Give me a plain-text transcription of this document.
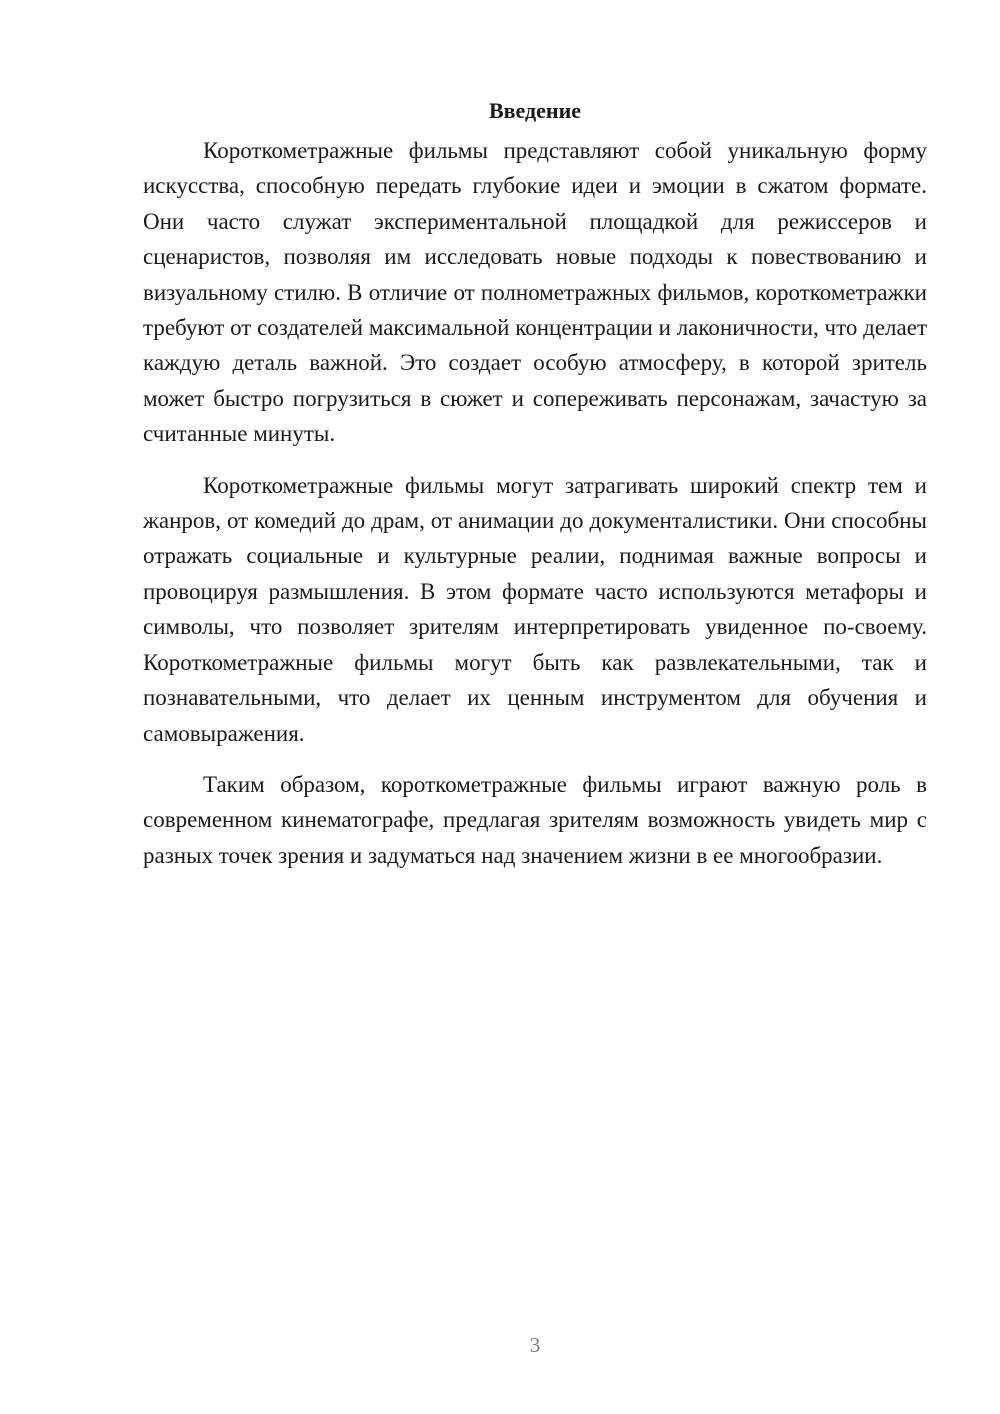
Введение

Короткометражные фильмы представляют собой уникальную форму искусства, способную передать глубокие идеи и эмоции в сжатом формате. Они часто служат экспериментальной площадкой для режиссеров и сценаристов, позволяя им исследовать новые подходы к повествованию и визуальному стилю. В отличие от полнометражных фильмов, короткометражки требуют от создателей максимальной концентрации и лаконичности, что делает каждую деталь важной. Это создает особую атмосферу, в которой зритель может быстро погрузиться в сюжет и сопереживать персонажам, зачастую за считанные минуты.

Короткометражные фильмы могут затрагивать широкий спектр тем и жанров, от комедий до драм, от анимации до документалистики. Они способны отражать социальные и культурные реалии, поднимая важные вопросы и провоцируя размышления. В этом формате часто используются метафоры и символы, что позволяет зрителям интерпретировать увиденное по-своему. Короткометражные фильмы могут быть как развлекательными, так и познавательными, что делает их ценным инструментом для обучения и самовыражения.

Таким образом, короткометражные фильмы играют важную роль в современном кинематографе, предлагая зрителям возможность увидеть мир с разных точек зрения и задуматься над значением жизни в ее многообразии.

3
